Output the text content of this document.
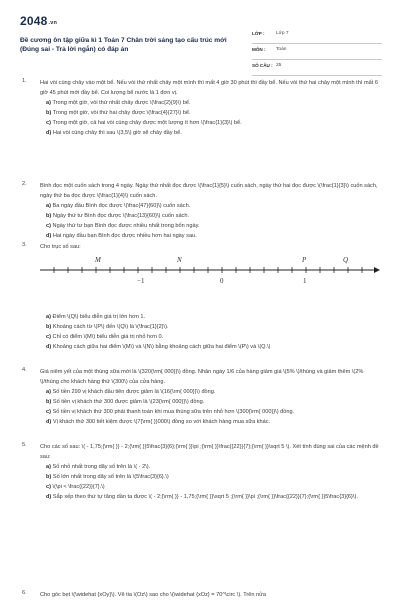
2048.vn
Đề cương ôn tập giữa kì 1 Toán 7 Chân trời sáng tạo cấu trúc mới (Đúng sai - Trả lời ngắn) có đáp án
LỚP : Lớp 7
MÔN : Toán
SỐ CÂU : 25
1. Hai vòi cùng chảy vào một bể. Nếu vòi thứ nhất chảy một mình thì mất 4 giờ 30 phút thì đầy bể. Nếu vòi thứ hai chảy một mình thì mất 6 giờ 45 phút mới đầy bể. Coi lượng bể nước là 1 đơn vị.
a) Trong một giờ, vòi thứ nhất chảy được \(\frac{2}{9}\) bể.
b) Trong một giờ, vòi thứ hai chảy được \(\frac{4}{27}\) bể.
c) Trong một giờ, cả hai vòi cùng chảy được một lượng ít hơn \(\frac{1}{3}\) bể.
d) Hai vòi cùng chảy thì sau \(3,5\) giờ sẽ chảy đầy bể.
2. Bình đọc một cuốn sách trong 4 ngày. Ngày thứ nhất đọc được \(\frac{1}{5}\) cuốn sách, ngày thứ hai đọc được \(\frac{1}{3}\) cuốn sách, ngày thứ ba đọc được \(\frac{1}{4}\) cuốn sách.
a) Ba ngày đầu Bình đọc được \(\frac{47}{60}\) cuốn sách.
b) Ngày thứ tư Bình đọc được \(\frac{13}{60}\) cuốn sách.
c) Ngày thứ tư bạn Bình đọc được nhiều nhất trong bốn ngày.
d) Hai ngày đầu bạn Bình đọc được nhiều hơn hai ngày sau.
3. Cho trục số sau:
M	N	P	Q
−1	0	1
a) Điểm \(Q\) biểu diễn giá trị lớn hơn 1.
b) Khoảng cách từ \(P\) đến \(Q\) là \(\frac{1}{2}\).
c) Chỉ có điểm \(M\) biểu diễn giá trị nhỏ hơn 0.
d) Khoảng cách giữa hai điểm \(M\) và \(N\) bằng khoảng cách giữa hai điểm \(P\) và \(Q.\)
4. Giá niêm yết của một thùng sữa mới là \(320{\rm{ 000}}\) đồng. Nhân ngày 1/6 của hàng giảm giá \(5% \)/thùng và giảm thêm \(2% \)/thùng cho khách hàng thứ \(300\) của cửa hàng.
a) Số tiền 299 vị khách đầu tiên được giảm là \(16{\rm{ 000}}\) đồng.
b) Số tiền vị khách thứ 300 được giảm là \(23{\rm{ 000}}\) đồng.
c) Số tiền vị khách thứ 300 phải thanh toán khi mua thùng sữa trên nhỏ hơn \(300{\rm{ 000}}\) đồng.
d) Vị khách thứ 300 tiết kiệm được \(7{\rm{ }}000\) đồng so với khách hàng mua sữa khác.
5. Cho các số sau: \( - 1,75;{\rm{ }} - 2;{\rm{ }}5\frac{3}{6};{\rm{ }}\pi ;{\rm{ }}\frac{{22}}{7};{\rm{ }}\sqrt 5 \). Xét tính đúng sai của các mệnh đề sau:
a) Số nhỏ nhất trong dãy số trên là \( - 2\).
b) Số lớn nhất trong dãy số trên là \(5\frac{3}{6}.\)
c) \(\pi < \frac{{22}}{7}.\)
d) Sắp xếp theo thứ tự tăng dần ta được \( - 2;{\rm{ }} - 1,75;{\rm{ }}\sqrt 5 ;{\rm{ }}\pi ;{\rm{ }}\frac{{22}}{7};{\rm{ }}5\frac{3}{6}\).
6. Cho góc bẹt \(\widehat {xOy}\). Vẽ tia \(Oz\) sao cho \(\widehat {xOz} = 70^\circ \). Trên nửa
